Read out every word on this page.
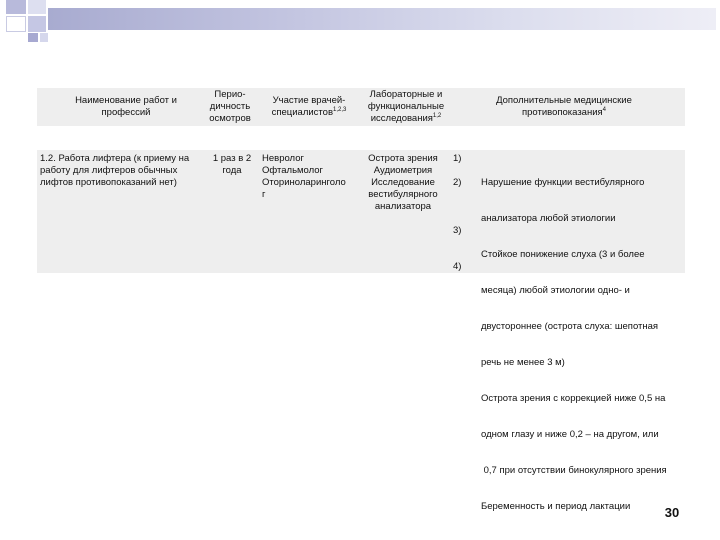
Наименование работ и профессий
Перио-дичность осмотров
Участие врачей-специалистов$^{1,2,3}$
Лабораторные и функциональные исследования$^{1,2}$
Дополнительные медицинские противопоказания$^4$
1.2. Работа лифтера (к приему на работу для лифтеров обычных лифтов противопоказаний нет)
1 раз в 2 года
Невролог
Офтальмолог
Оториноларинголо
г
Острота зрения
Аудиометрия
Исследование
вестибулярного
анализатора
1)
2)
3)
4)

Нарушение функции вестибулярного

анализатора любой этиологии

Стойкое понижение слуха (3 и более

месяца) любой этиологии одно- и

двустороннее (острота слуха: шепотная

речь не менее 3 м)

Острота зрения с коррекцией ниже 0,5 на

одном глазу и ниже 0,2 – на другом, или

0,7 при отсутствии бинокулярного зрения

Беременность и период лактации

	30
